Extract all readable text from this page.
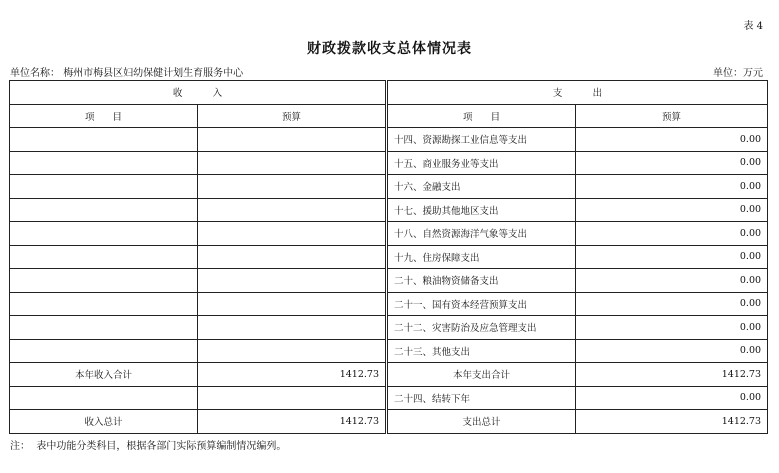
表 4
财政拨款收支总体情况表
单位名称： 梅州市梅县区妇幼保健计划生育服务中心	单位：万元
收          入			支          出	
项      目	预算		项      目	预算
			十四、资源勘探工业信息等支出	0.00
			十五、商业服务业等支出	0.00
			十六、金融支出	0.00
			十七、援助其他地区支出	0.00
			十八、自然资源海洋气象等支出	0.00
			十九、住房保障支出	0.00
			二十、粮油物资储备支出	0.00
			二十一、国有资本经营预算支出	0.00
			二十二、灾害防治及应急管理支出	0.00
			二十三、其他支出	0.00
本年收入合计	1412.73		本年支出合计	1412.73
			二十四、结转下年	0.00
收入总计	1412.73		支出总计	1412.73
注：  表中功能分类科目，根据各部门实际预算编制情况编列。
